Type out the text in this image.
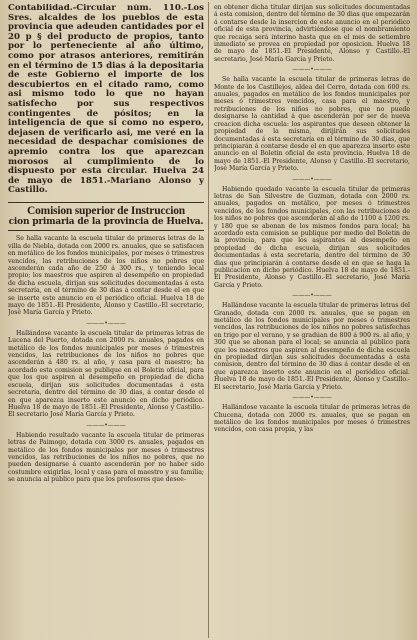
Contabilidad.-Circular núm. 110.-Los Sres. alcaldes de los pueblos de esta provincia que adeuden cantidades por el 20 p § del producto de propios, tanto por lo perteneciente al año último, como por atrasos anteriores, remitirán en el término de 15 dias á la depositaria de este Gobierno el importe de los descubiertos en el citado ramo, como asi mismo todo lo que no hayan satisfecho por sus respectivos contingentes de pósitos; en la inteligencia de que si como no espero, dejasen de verificarlo asi, me veré en la necesidad de despachar comisiones de apremio contra los que aparezcan morosos al cumplimiento de lo dispuesto por esta circular. Huelva 24 de mayo de 1851.-Mariano Alonso y Castillo.

Comision superior de Instruccion
cion primaria de la provincia de Huelva.

Se halla vacante la escuela titular de primeras letras de la villa de Niebla, dotada con 2000 rs. anuales, que se satisfacen en metálico de los fondos municipales, por meses ó trimestres vencidos, las retribuciones de los niños no pobres que ascenderán cada año de 250 á 300 rs., y teniendo local propio; los maestros que aspiren al desempeño en propiedad de dicha escuela, dirijan sus solicitudes documentadas á esta secretaría, en el término de 30 dias á contar desde el en que se inserte este anuncio en el periódico oficial. Huelva 18 de mayo de 1851.-El Presidente, Alonso y Castillo.-El secretario, José María García y Prieto.

———•———

Hallándose vacante la escuela titular de primeras letras de Lucena del Puerto, dotada con 2000 rs. anuales, pagados en metálico de los fondos municipales por meses ó trimestres vencidos, las retribuciones de los niños no pobres que ascenderán á 480 rs. al año, y casa para el maestro; ha acordado esta comision se publique en el Boletin oficial, para que los que aspiren al desempeño en propiedad de dicha escuela, dirijan sus solicitudes documentadas á esta secretaría, dentro del término de 30 dias, á contar desde el en que aparezca inserto este anuncio en dicho periódico. Huelva 18 de mayo de 1851.-El Presidente, Alonso y Castillo.-El secretario José María García y Prieto.

———•———

Habiendo resultado vacante la escuela titular de primeras letras de Paimogo, dotada con 3000 rs. anuales, pagados en metálico de los fondos municipales por meses ó trimestres vencidos, las retribuciones de los niños no pobres, que no pueden designarse á cuanto ascenderán por no haber sido costumbre exigirlas, local y casa para el maestro y su familia; se anuncia al público para que los profesores que desee-

en obtener dicha titular dirijan sus solicitudes documentadas á esta comision, dentro del término de 30 dias que empezarán á contarse desde la insercion de este anuncio en el periódico oficial de esta provincia, advirtiéndose que el nombramiento que recaiga será interino hasta que en el mes de setiembre inmediato se provea en propiedad por oposicion. Huelva 18 de mayo de 1851.-El Presidente, Alonso y Castillo.-El secretario, José María García y Prieto.

———•———

Se halla vacante la escuela titular de primeras letras de Monte de los Castillejos, aldea del Cerro, dotada con 600 rs. anuales, pagados en metálico de los fondos municipales por meses ó trimestres vencidos, casa para el maestro, y retribuciones de los niños no pobres, que no puede designarse la cantidad á que ascenderán por ser de nueva creacion dicha escuela: los aspirantes que deseen obtener la propiedad de la misma, dirijirán sus solicitudes documentadas á esta secretaría en el término de 30 dias, que principiarán á contarse desde el en que aparezca inserto este anuncio en el Boletin oficial de esta provincia. Huelva 18 de mayo de 1851.-El Presidente, Alonso y Castillo.-El secretario, José María García y Prieto.

———•———

Habiendo quedado vacante la escuela titular de primeras letras de San Silvestre de Guzman, dotada con 2000 rs. anuales, pagados en metálico, por meses ó trimestres vencidos, de los fondos municipales, con las retribuciones de los niños no pobres que ascenderán al año de 1100 á 1200 rs. y 180 que se abonan de los mismos fondos para local; ha acordado esta comision se publique por medio del Boletin de la provincia, para que los aspirantes al desempeño en propiedad de dicha escuela, dirijan sus solicitudes documentadas á esta secretaría, dentro del término de 30 dias que principiarán á contarse desde el en que se haga la publicacion en dicho periódico. Huelva 18 de mayo de 1851.-El Presidente, Alonso y Castillo.-El secretario, José María García y Prieto.

———•———

Hallándose vacante la escuela titular de primeras letras del Granado, dotada con 2000 rs. anuales, que se pagan en metálico de los fondos municipales por meses ó trimestres vencidos, las retribuciones de los niños no pobres satisfechas en trigo por el verano, y se gradúan de 800 á 900 rs. al año, y 300 que se abonan para el local; se anuncia al público para que los maestros que aspiren al desempeño de dicha escuela en propiedad dirijan sus solicitudes documentadas á esta comision, dentro del término de 30 dias á contar desde el en que aparezca inserto este anuncio en el periódico oficial. Huelva 18 de mayo de 1851.-El Presidente, Alonso y Castillo.-El secretario, José María García y Prieto.

———•———

Hallándose vacante la escuela titular de primeras letras de Chucena, dotada con 2000 rs. anuales, que se pagan en metálico de los fondos municipales por meses ó trimestres vencidos, con casa propia, y las
